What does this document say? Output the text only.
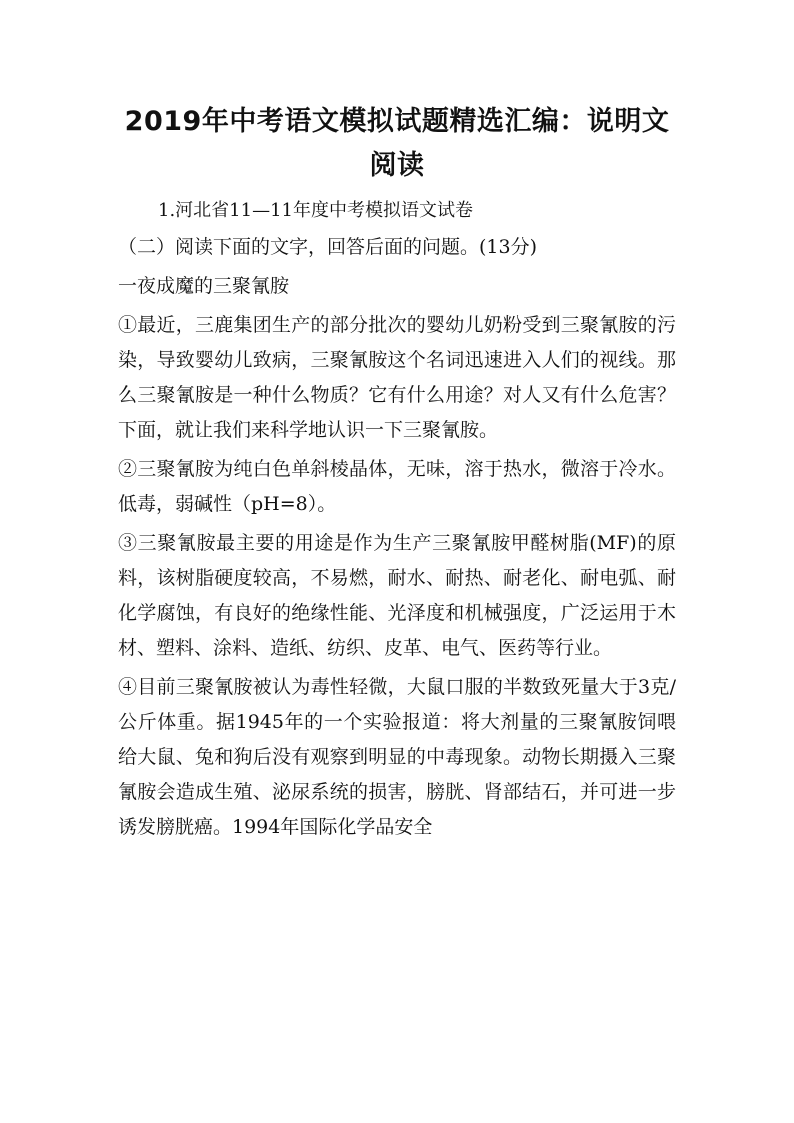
2019年中考语文模拟试题精选汇编：说明文阅读
1.河北省11—11年度中考模拟语文试卷
（二）阅读下面的文字，回答后面的问题。(13分)
一夜成魔的三聚氰胺
①最近，三鹿集团生产的部分批次的婴幼儿奶粉受到三聚氰胺的污染，导致婴幼儿致病，三聚氰胺这个名词迅速进入人们的视线。那么三聚氰胺是一种什么物质？它有什么用途？对人又有什么危害？下面，就让我们来科学地认识一下三聚氰胺。
②三聚氰胺为纯白色单斜棱晶体，无味，溶于热水，微溶于冷水。低毒，弱碱性（pH=8）。
③三聚氰胺最主要的用途是作为生产三聚氰胺甲醛树脂(MF)的原料，该树脂硬度较高，不易燃，耐水、耐热、耐老化、耐电弧、耐化学腐蚀，有良好的绝缘性能、光泽度和机械强度，广泛运用于木材、塑料、涂料、造纸、纺织、皮革、电气、医药等行业。
④目前三聚氰胺被认为毒性轻微，大鼠口服的半数致死量大于3克/公斤体重。据1945年的一个实验报道：将大剂量的三聚氰胺饲喂给大鼠、兔和狗后没有观察到明显的中毒现象。动物长期摄入三聚氰胺会造成生殖、泌尿系统的损害，膀胱、肾部结石，并可进一步诱发膀胱癌。1994年国际化学品安全
